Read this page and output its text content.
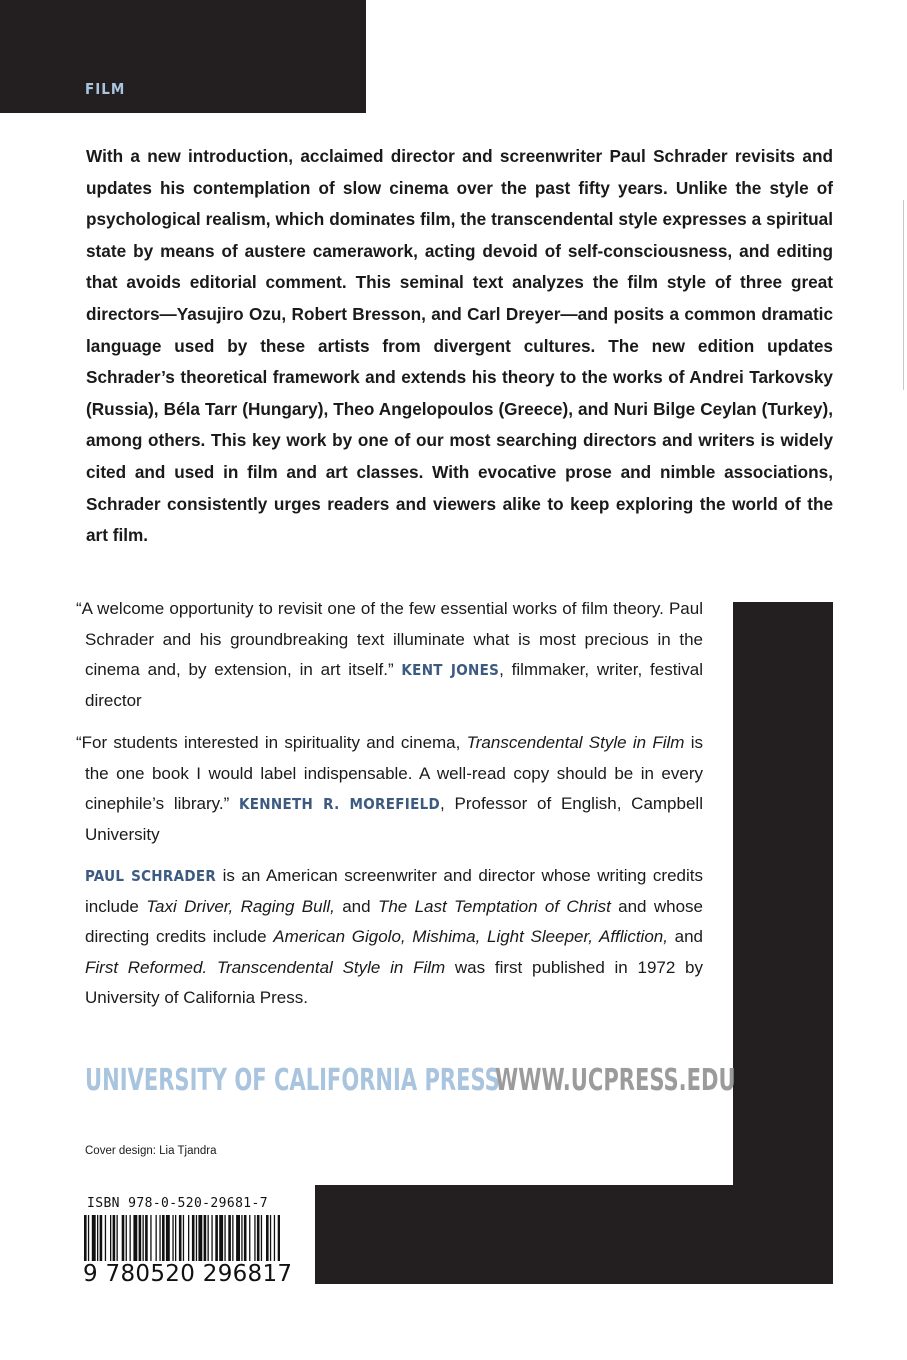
FILM

With a new introduction, acclaimed director and screenwriter Paul Schrader revisits and updates his contemplation of slow cinema over the past fifty years. Unlike the style of psychological realism, which dominates film, the transcendental style expresses a spiritual state by means of austere camerawork, acting devoid of self-consciousness, and editing that avoids editorial comment. This seminal text analyzes the film style of three great directors—Yasujiro Ozu, Robert Bresson, and Carl Dreyer—and posits a common dramatic language used by these artists from divergent cultures. The new edition updates Schrader’s theoretical framework and extends his theory to the works of Andrei Tarkovsky (Russia), Béla Tarr (Hungary), Theo Angelopoulos (Greece), and Nuri Bilge Ceylan (Turkey), among others. This key work by one of our most searching directors and writers is widely cited and used in film and art classes. With evocative prose and nimble associations, Schrader consistently urges readers and viewers alike to keep exploring the world of the art film.

“A welcome opportunity to revisit one of the few essential works of film theory. Paul Schrader and his groundbreaking text illuminate what is most precious in the cinema and, by extension, in art itself.” KENT JONES, filmmaker, writer, festival director

“For students interested in spirituality and cinema, Transcendental Style in Film is the one book I would label indispensable. A well-read copy should be in every cinephile’s library.” KENNETH R. MOREFIELD, Professor of English, Campbell University

PAUL SCHRADER is an American screenwriter and director whose writing credits include Taxi Driver, Raging Bull, and The Last Temptation of Christ and whose directing credits include American Gigolo, Mishima, Light Sleeper, Affliction, and First Reformed. Transcendental Style in Film was first published in 1972 by University of California Press.

UNIVERSITY OF CALIFORNIA PRESS
WWW.UCPRESS.EDU
Cover design: Lia Tjandra
ISBN 978-0-520-29681-7
9 780520 296817
